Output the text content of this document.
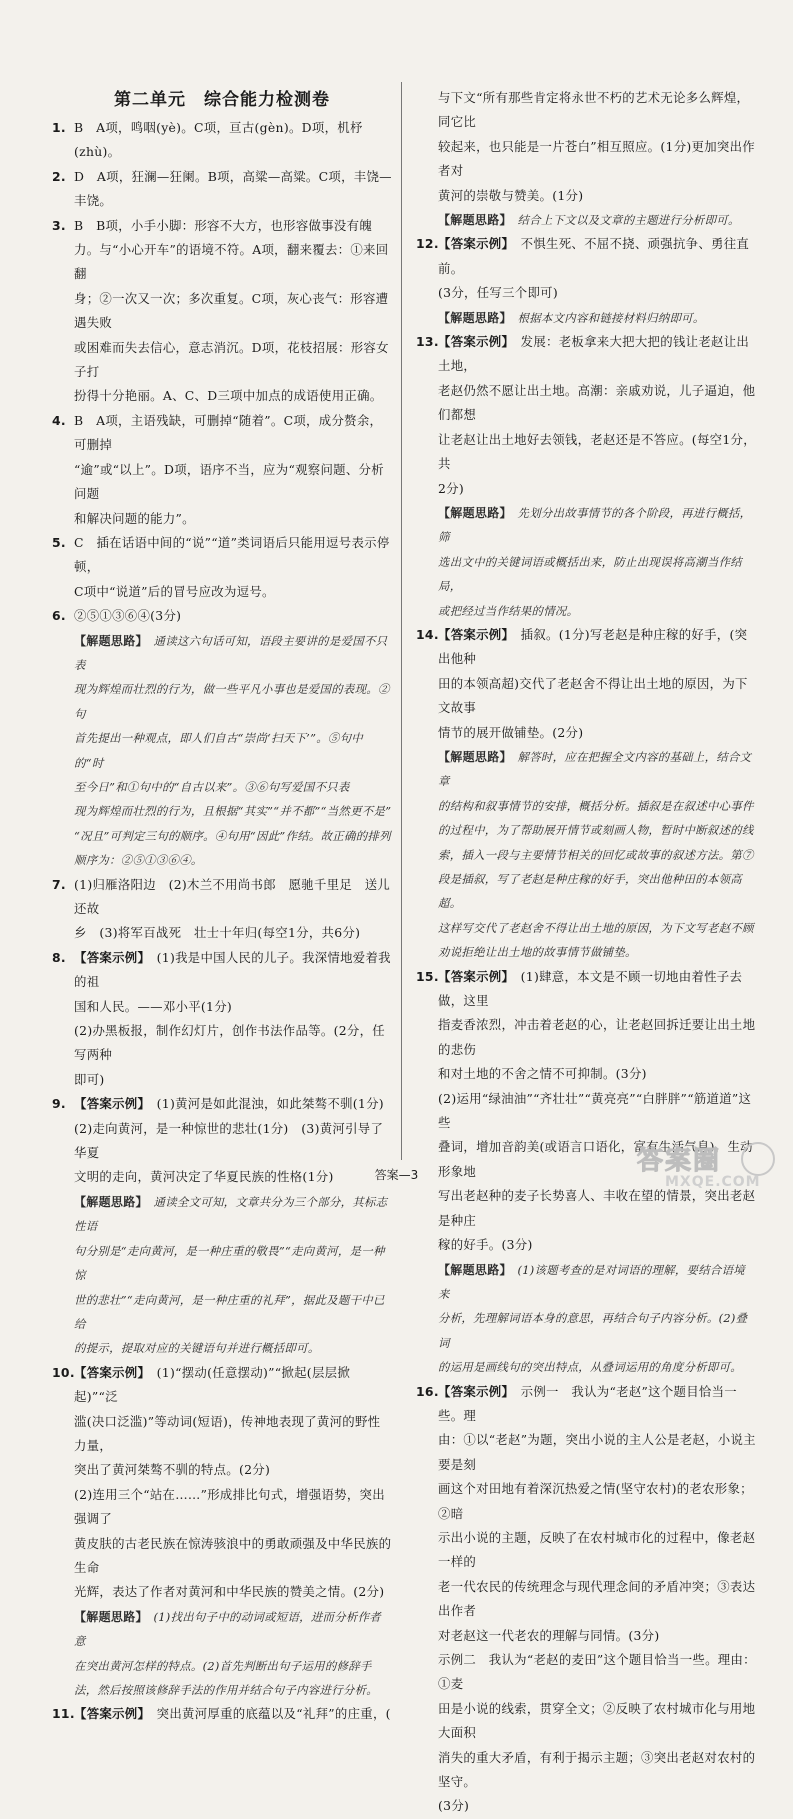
第二单元　综合能力检测卷
1. B　A项，鸣咽(yè)。C项，亘古(gèn)。D项，机杼(zhù)。
2. D　A项，狂澜—狂阑。B项，高粱—高粱。C项，丰饶—丰饶。
3. B　B项，小手小脚：形容不大方，也形容做事没有魄
力。与“小心开车”的语境不符。A项，翻来覆去：①来回翻
身；②一次又一次；多次重复。C项，灰心丧气：形容遭遇失败
或困难而失去信心，意志消沉。D项，花枝招展：形容女子打
扮得十分艳丽。A、C、D三项中加点的成语使用正确。
4. B　A项，主语残缺，可删掉“随着”。C项，成分赘余，可删掉
“逾”或“以上”。D项，语序不当，应为“观察问题、分析问题
和解决问题的能力”。
5. C　插在话语中间的“说”“道”类词语后只能用逗号表示停顿，
C项中“说道”后的冒号应改为逗号。
6. ②⑤①③⑥④(3分)
【解题思路】　 通读这六句话可知，语段主要讲的是爱国不只表
现为辉煌而壮烈的行为，做一些平凡小事也是爱国的表现。②句
首先提出一种观点，即人们自古“崇尚‘扫天下’”。⑤句中的“时
至今日”和①句中的“自古以来”。③⑥句写爱国不只表
现为辉煌而壮烈的行为，且根据“其实”“并不都”“当然更不是”
“况且”可判定三句的顺序。④句用“因此”作结。故正确的排列
顺序为：②⑤①③⑥④。
7. (1)归雁洛阳边　(2)木兰不用尚书郎　愿驰千里足　送儿还故
乡　(3)将军百战死　壮士十年归(每空1分，共6分)
8. 【答案示例】　 (1)我是中国人民的儿子。我深情地爱着我的祖
国和人民。——邓小平(1分)
(2)办黑板报，制作幻灯片，创作书法作品等。(2分，任写两种
即可)
9. 【答案示例】　 (1)黄河是如此混浊，如此桀骜不驯(1分)
(2)走向黄河，是一种惊世的悲壮(1分)　(3)黄河引导了华夏
文明的走向，黄河决定了华夏民族的性格(1分)
【解题思路】　 通读全文可知，文章共分为三个部分，其标志性语
句分别是“走向黄河，是一种庄重的敬畏”“走向黄河，是一种惊
世的悲壮”“走向黄河，是一种庄重的礼拜”，据此及题干中已给
的提示，提取对应的关键语句并进行概括即可。
10. 【答案示例】　 (1)“摆动(任意摆动)”“掀起(层层掀起)”“泛
滥(决口泛滥)”等动词(短语)，传神地表现了黄河的野性力量，
突出了黄河桀骜不驯的特点。(2分)
(2)连用三个“站在……”形成排比句式，增强语势，突出强调了
黄皮肤的古老民族在惊涛骇浪中的勇敢顽强及中华民族的生命
光辉，表达了作者对黄河和中华民族的赞美之情。(2分)
【解题思路】　 (1)找出句子中的动词或短语，进而分析作者意
在突出黄河怎样的特点。(2)首先判断出句子运用的修辞手
法，然后按照该修辞手法的作用并结合句子内容进行分析。
11. 【答案示例】　 突出黄河厚重的底蕴以及“礼拜”的庄重，(
与下文“所有那些肯定将永世不朽的艺术无论多么辉煌，同它比
较起来，也只能是一片苍白”相互照应。(1分)更加突出作者对
黄河的崇敬与赞美。(1分)
【解题思路】　 结合上下文以及文章的主题进行分析即可。
12. 【答案示例】　 不惧生死、不屈不挠、顽强抗争、勇往直前。
(3分，任写三个即可)
【解题思路】　 根据本文内容和链接材料归纳即可。
13. 【答案示例】　 发展：老板拿来大把大把的钱让老赵让出土地，
老赵仍然不愿让出土地。高潮：亲戚劝说，儿子逼迫，他们都想
让老赵让出土地好去领钱，老赵还是不答应。(每空1分，共
2分)
【解题思路】　 先划分出故事情节的各个阶段，再进行概括，筛
选出文中的关键词语或概括出来，防止出现误将高潮当作结局，
或把经过当作结果的情况。
14. 【答案示例】　 插叙。(1分)写老赵是种庄稼的好手，(突出他种
田的本领高超)交代了老赵舍不得让出土地的原因，为下文故事
情节的展开做铺垫。(2分)
【解题思路】　 解答时，应在把握全文内容的基础上，结合文章
的结构和叙事情节的安排，概括分析。插叙是在叙述中心事件
的过程中，为了帮助展开情节或刻画人物，暂时中断叙述的线
索，插入一段与主要情节相关的回忆或故事的叙述方法。第⑦
段是插叙，写了老赵是种庄稼的好手，突出他种田的本领高超。
这样写交代了老赵舍不得让出土地的原因，为下文写老赵不顾
劝说拒绝让出土地的故事情节做铺垫。
15. 【答案示例】　 (1)肆意，本文是不顾一切地由着性子去做，这里
指麦香浓烈，冲击着老赵的心，让老赵回拆迁要让出土地的悲伤
和对土地的不舍之情不可抑制。(3分)
(2)运用“绿油油”“齐壮壮”“黄亮亮”“白胖胖”“筋道道”这些
叠词，增加音韵美(或语言口语化，富有生活气息)，生动形象地
写出老赵种的麦子长势喜人、丰收在望的情景，突出老赵是种庄
稼的好手。(3分)
【解题思路】　 (1)该题考查的是对词语的理解，要结合语境来
分析，先理解词语本身的意思，再结合句子内容分析。(2)叠词
的运用是画线句的突出特点，从叠词运用的角度分析即可。
16. 【答案示例】　 示例一　我认为“老赵”这个题目恰当一些。理
由：①以“老赵”为题，突出小说的主人公是老赵，小说主要是刻
画这个对田地有着深沉热爱之情(坚守农村)的老农形象；②暗
示出小说的主题，反映了在农村城市化的过程中，像老赵一样的
老一代农民的传统理念与现代理念间的矛盾冲突；③表达出作者
对老赵这一代老农的理解与同情。(3分)
示例二　我认为“老赵的麦田”这个题目恰当一些。理由：①麦
田是小说的线索，贯穿全文；②反映了农村城市化与用地大面积
消失的重大矛盾，有利于揭示主题；③突出老赵对农村的坚守。
(3分)
答案—3	答案圈
MXQE.COM
